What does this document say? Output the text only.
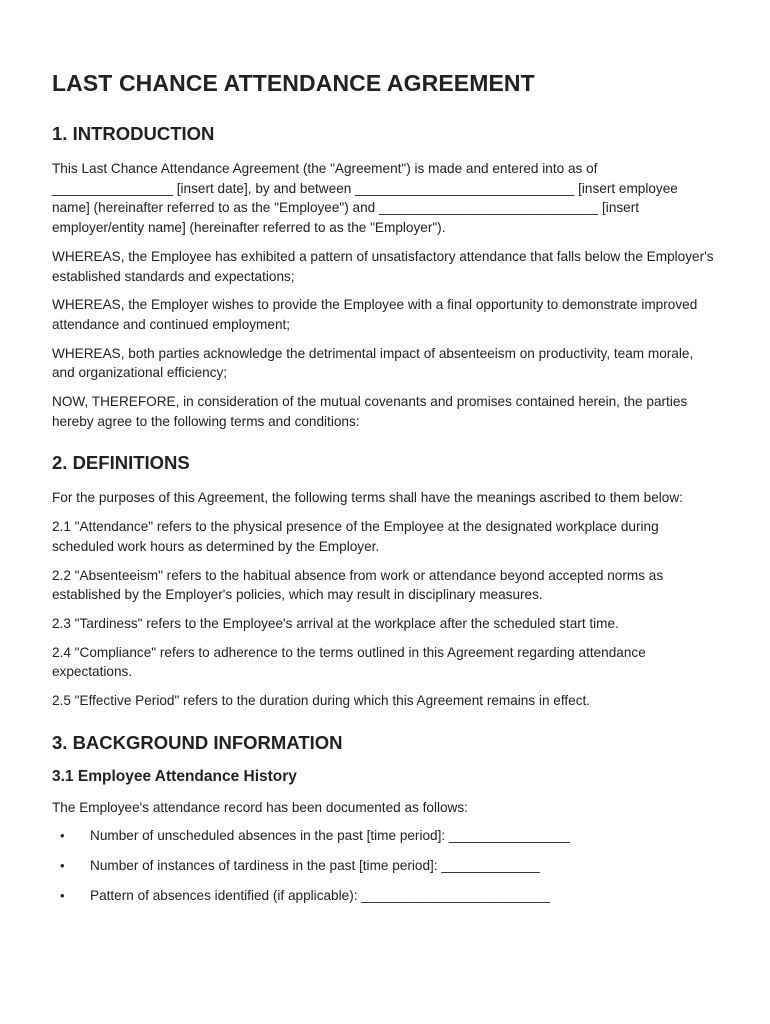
LAST CHANCE ATTENDANCE AGREEMENT
1. INTRODUCTION

This Last Chance Attendance Agreement (the "Agreement") is made and entered into as of ________________ [insert date], by and between _____________________________ [insert employee name] (hereinafter referred to as the "Employee") and _____________________________ [insert employer/entity name] (hereinafter referred to as the "Employer").

WHEREAS, the Employee has exhibited a pattern of unsatisfactory attendance that falls below the Employer's established standards and expectations;

WHEREAS, the Employer wishes to provide the Employee with a final opportunity to demonstrate improved attendance and continued employment;

WHEREAS, both parties acknowledge the detrimental impact of absenteeism on productivity, team morale, and organizational efficiency;

NOW, THEREFORE, in consideration of the mutual covenants and promises contained herein, the parties hereby agree to the following terms and conditions:

2. DEFINITIONS

For the purposes of this Agreement, the following terms shall have the meanings ascribed to them below:

2.1 "Attendance" refers to the physical presence of the Employee at the designated workplace during scheduled work hours as determined by the Employer.

2.2 "Absenteeism" refers to the habitual absence from work or attendance beyond accepted norms as established by the Employer's policies, which may result in disciplinary measures.

2.3 "Tardiness" refers to the Employee's arrival at the workplace after the scheduled start time.

2.4 "Compliance" refers to adherence to the terms outlined in this Agreement regarding attendance expectations.

2.5 "Effective Period" refers to the duration during which this Agreement remains in effect.

3. BACKGROUND INFORMATION
3.1 Employee Attendance History

The Employee's attendance record has been documented as follows:

• Number of unscheduled absences in the past [time period]: ________________
• Number of instances of tardiness in the past [time period]: _____________
• Pattern of absences identified (if applicable): _________________________
